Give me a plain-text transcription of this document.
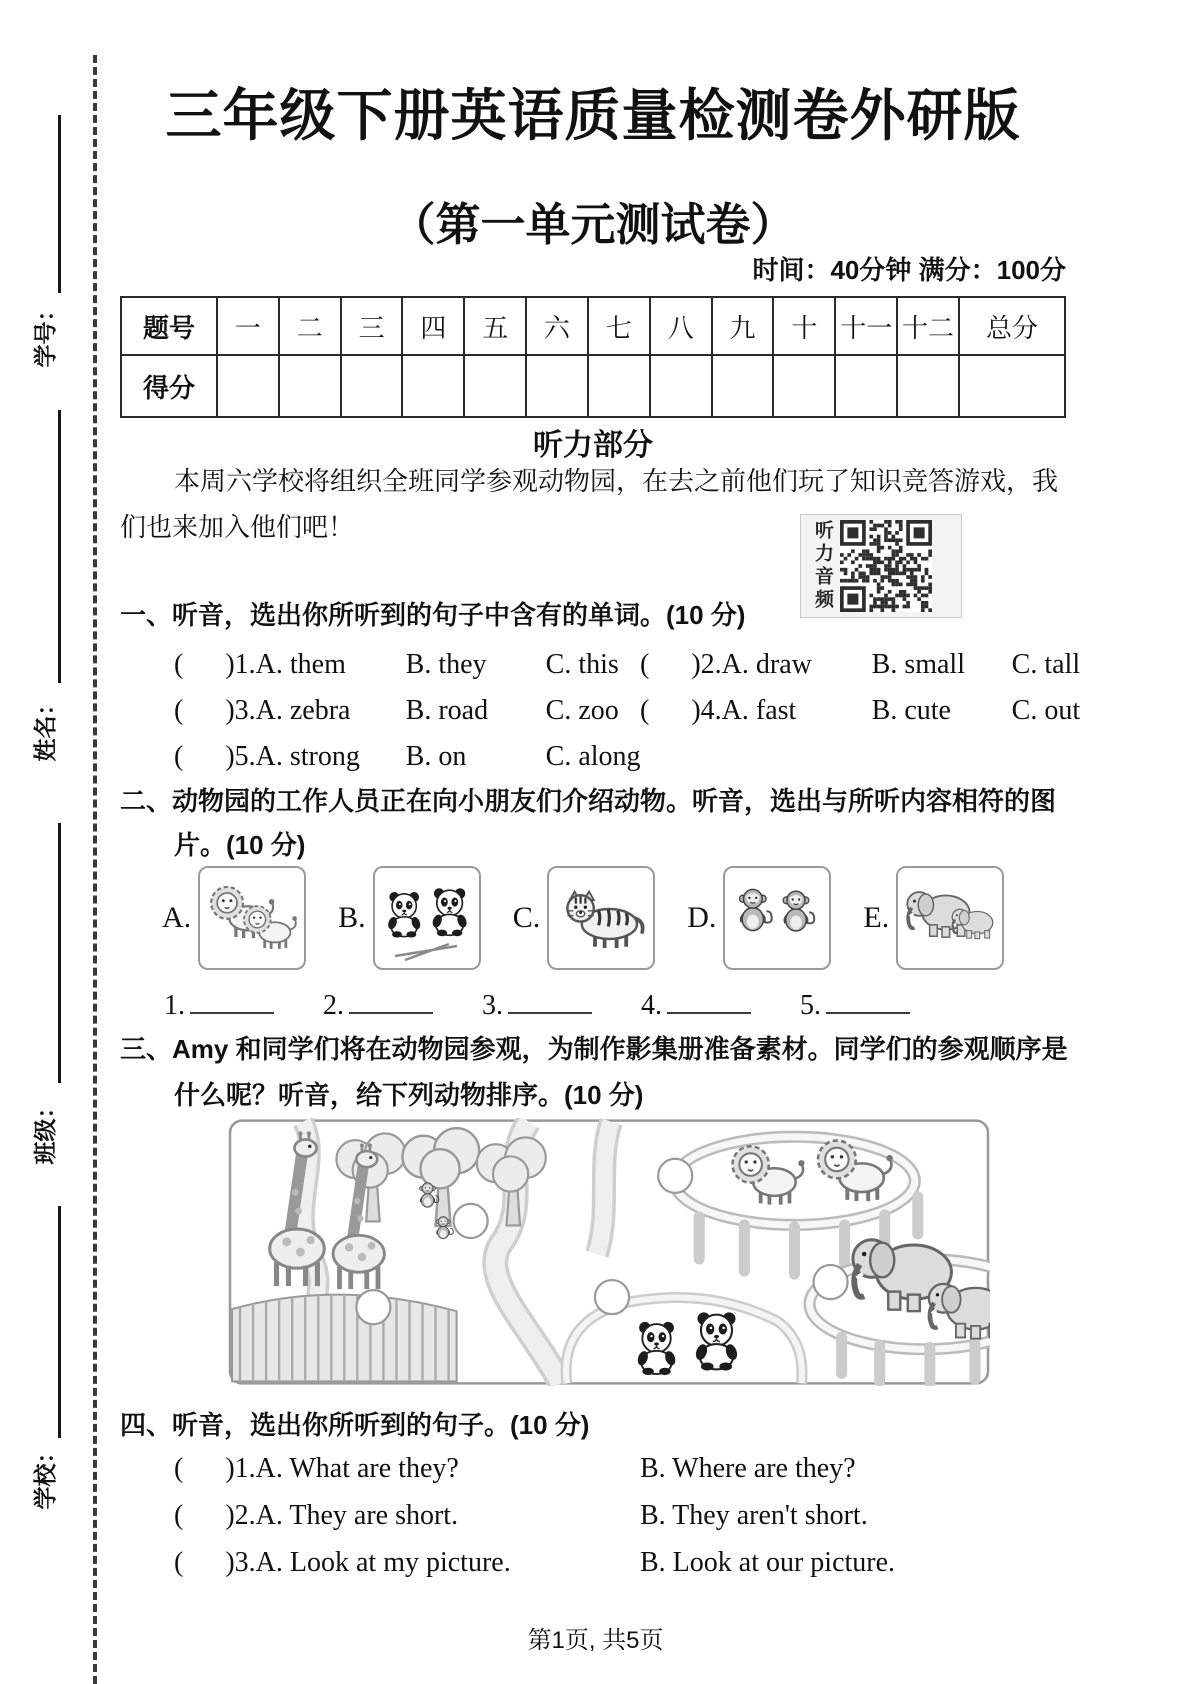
学号：
姓名：
班级：
学校：
三年级下册英语质量检测卷外研版
（第一单元测试卷）
时间：40分钟 满分：100分
题号	一	二	三	四	五	六	七	八	九	十	十一	十二	总分
得分													
听力部分
本周六学校将组织全班同学参观动物园，在去之前他们玩了知识竞答游戏，我
们也来加入他们吧！	听力音频
一、听音，选出你所听到的句子中含有的单词。(10 分)
(      )1.A. them B. they C. this (      )2.A. draw B. small C. tall
(      )3.A. zebra B. road C. zoo (      )4.A. fast	B. cute C. out
(      )5.A. strong B. on	C. along
二、动物园的工作人员正在向小朋友们介绍动物。听音，选出与所听内容相符的图
片。(10 分)
A.	B.	C.	D.	E.
1.	2.	3.	4.	5.
三、Amy 和同学们将在动物园参观，为制作影集册准备素材。同学们的参观顺序是
什么呢？听音，给下列动物排序。(10 分)
四、听音，选出你所听到的句子。(10 分)
(      )1.A. What are they?	B. Where are they?
(      )2.A. They are short.	B. They aren't short.
(      )3.A. Look at my picture.	B. Look at our picture.
第1页, 共5页
